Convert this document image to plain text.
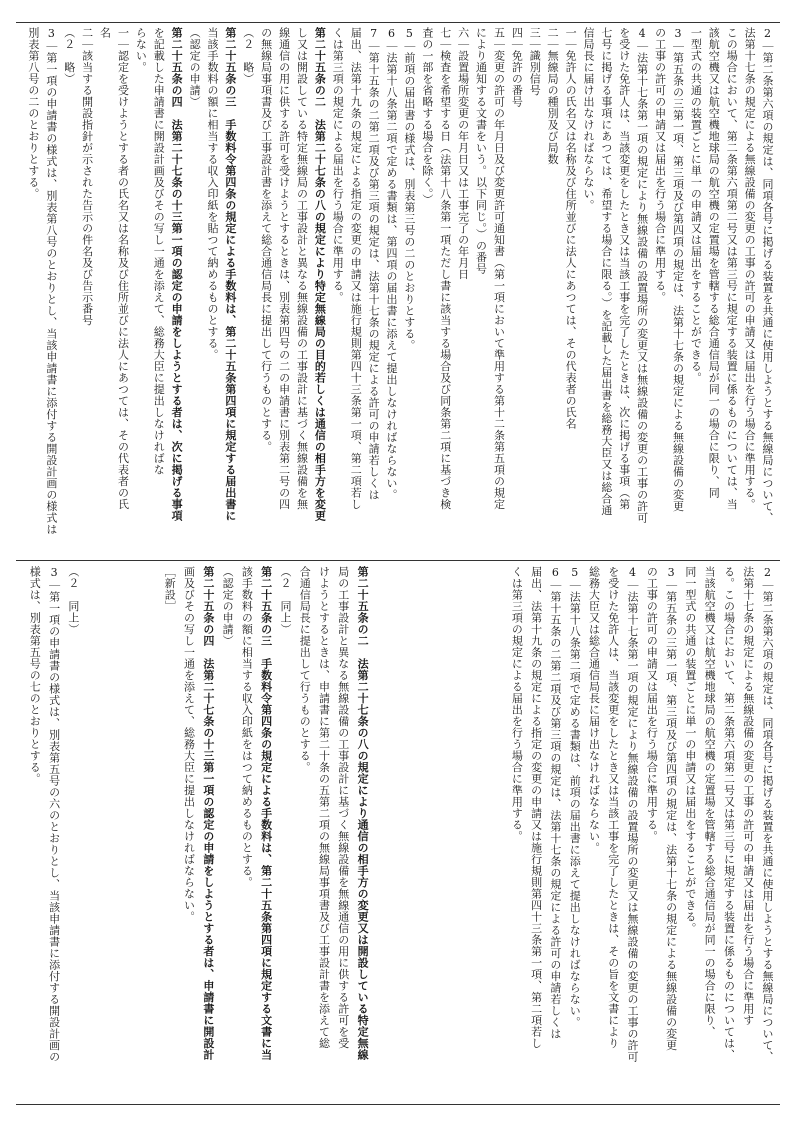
2｜第二条第六項の規定は、同項各号に掲げる装置を共通に使用しようとする無線局について、
法第十七条の規定による無線設備の変更の工事の許可の申請又は届出を行う場合に準用する。
この場合において、第二条第六項第二号又は第三号に規定する装置に係るものについては、当
該航空機又は航空機地球局の航空機の定置場を管轄する総合通信局が同一の場合に限り、同
一型式の共通の装置ごとに単一の申請又は届出をすることができる。
3｜第五条の三第一項、第三項及び第四項の規定は、法第十七条の規定による無線設備の変更
の工事の許可の申請又は届出を行う場合に準用する。
4｜法第十七条第一項の規定により無線設備の設置場所の変更又は無線設備の変更の工事の許可
を受けた免許人は、当該変更をしたとき又は当該工事を完了したときは、次に掲げる事項（第
七号に掲げる事項にあつては、希望する場合に限る。）を記載した届出書を総務大臣又は総合通
信局長に届け出なければならない。
一｜免許人の氏名又は名称及び住所並びに法人にあつては、その代表者の氏名
二｜無線局の種別及び局数
三｜識別信号
四｜免許の番号
五｜変更の許可の年月日及び変更許可通知書（第一項において準用する第十二条第五項の規定
により通知する文書をいう。以下同じ。）の番号
六｜設置場所変更の年月日又は工事完了の年月日
七｜検査を希望する日（法第十八条第一項ただし書に該当する場合及び同条第二項に基づき検
査の一部を省略する場合を除く。）
5｜前項の届出書の様式は、別表第三号の二のとおりとする。
6｜法第十八条第二項で定める書類は、第四項の届出書に添えて提出しなければならない。
7｜第十五条の二第二項及び第三項の規定は、法第十七条の規定による許可の申請若しくは
届出、法第十九条の規定による指定の変更の申請又は施行規則第四十三条第一項、第二項若し
くは第三項の規定による届出を行う場合に準用する。
第二十五条の二　法第二十七条の八の規定により特定無線局の目的若しくは通信の相手方を変更
し又は開設している特定無線局の工事設計と異なる無線設備の工事設計に基づく無線設備を無
線通信の用に供する許可を受けようとするときは、別表第四号の二の申請書に別表第二号の四
の無線局事項書及び工事設計書を添えて総合通信局長に提出して行うものとする。
（２　略）
第二十五条の三　手数料令第四条の規定による手数料は、第二十五条第四項に規定する届出書に
当該手数料の額に相当する収入印紙を貼つて納めるものとする。
（認定の申請）
第二十五条の四　法第二十七条の十三第一項の認定の申請をしようとする者は、次に掲げる事項
を記載した申請書に開設計画及びその写し一通を添えて、総務大臣に提出しなければな
らない。
一｜認定を受けようとする者の氏名又は名称及び住所並びに法人にあつては、その代表者の氏
名
二｜該当する開設指針が示された告示の件名及び告示番号
（２　略）
3｜第一項の申請書の様式は、別表第八号のとおりとし、当該申請書に添付する開設計画の様式は
別表第八号の二のとおりとする。
2｜第二条第六項の規定は、同項各号に掲げる装置を共通に使用しようとする無線局について、
法第十七条の規定による無線設備の変更の工事の許可の申請又は届出を行う場合に準用す
る。この場合において、第二条第六項第二号又は第三号に規定する装置に係るものについては、
当該航空機又は航空機地球局の航空機の定置場を管轄する総合通信局が同一の場合に限り、
同一型式の共通の装置ごとに単一の申請又は届出をすることができる。
3｜第五条の三第一項、第三項及び第四項の規定は、法第十七条の規定による無線設備の変更
の工事の許可の申請又は届出を行う場合に準用する。
4｜法第十七条第一項の規定により無線設備の設置場所の変更又は無線設備の変更の工事の許可
を受けた免許人は、当該変更をしたとき又は当該工事を完了したときは、その旨を文書により
総務大臣又は総合通信局長に届け出なければならない。
5｜法第十八条第二項で定める書類は、前項の届出書に添えて提出しなければならない。
6｜第十五条の二第二項及び第三項の規定は、法第十七条の規定による許可の申請若しくは
届出、法第十九条の規定による指定の変更の申請又は施行規則第四十三条第一項、第二項若し
くは第三項の規定による届出を行う場合に準用する。
第二十五条の二　法第二十七条の八の規定により通信の相手方の変更又は開設している特定無線
局の工事設計と異なる無線設備の工事設計に基づく無線設備を無線通信の用に供する許可を受
けようとするときは、申請書に第二十条の五第二項の無線局事項書及び工事設計書を添えて総
合通信局長に提出して行うものとする。
（２　同上）
第二十五条の三　手数料令第四条の規定による手数料は、第二十五条第四項に規定する文書に当
該手数料の額に相当する収入印紙をはつて納めるものとする。
（認定の申請）
第二十五条の四　法第二十七条の十三第一項の認定の申請をしようとする者は、申請書に開設計
画及びその写し一通を添えて、総務大臣に提出しなければならない。
［新設］
（２　同上）
3｜第一項の申請書の様式は、別表第五号の六のとおりとし、当該申請書に添付する開設計画の
様式は、別表第五号の七のとおりとする。
